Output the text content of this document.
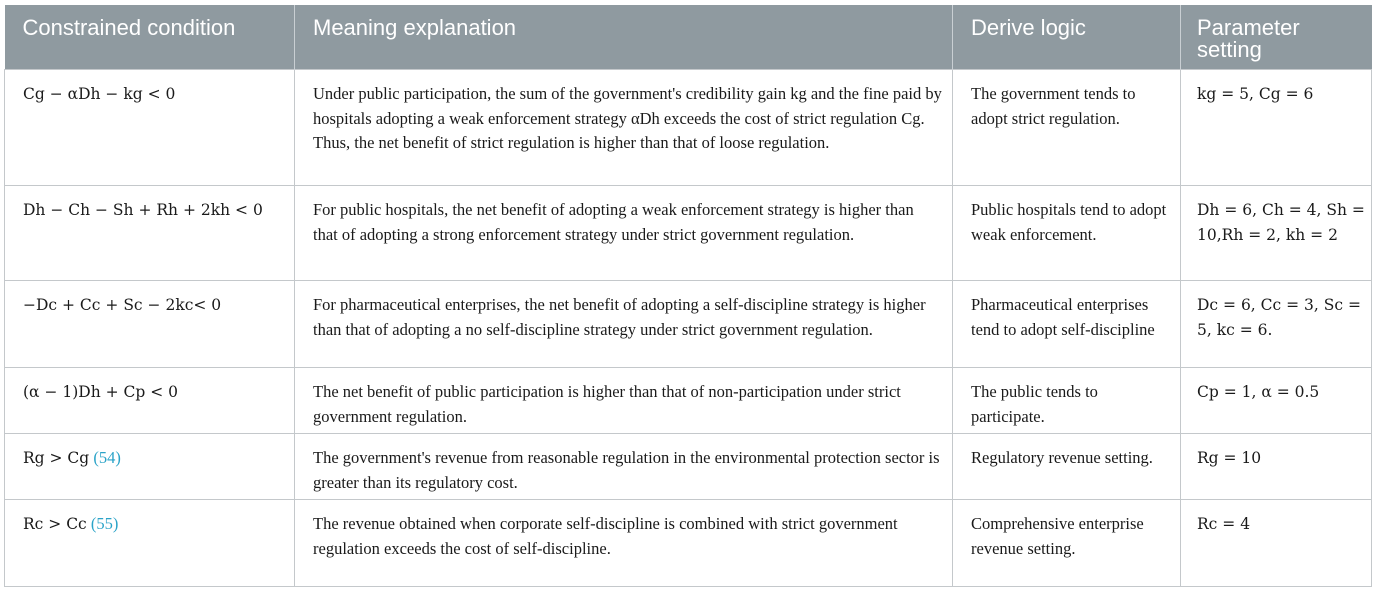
Constrained condition	Meaning explanation	Derive logic	Parameter setting
Cg − αDh − kg < 0	Under public participation, the sum of the government's credibility gain kg and the fine paid by hospitals adopting a weak enforcement strategy αDh exceeds the cost of strict regulation Cg. Thus, the net benefit of strict regulation is higher than that of loose regulation.	The government tends to adopt strict regulation.	kg = 5, Cg = 6
Dh − Ch − Sh + Rh + 2kh < 0	For public hospitals, the net benefit of adopting a weak enforcement strategy is higher than that of adopting a strong enforcement strategy under strict government regulation.	Public hospitals tend to adopt weak enforcement.	Dh = 6, Ch = 4, Sh = 10,Rh = 2, kh = 2
−Dc + Cc + Sc − 2kc< 0	For pharmaceutical enterprises, the net benefit of adopting a self-discipline strategy is higher than that of adopting a no self-discipline strategy under strict government regulation.	Pharmaceutical enterprises tend to adopt self-discipline	Dc = 6, Cc = 3, Sc = 5, kc = 6.
(α − 1)Dh + Cp < 0	The net benefit of public participation is higher than that of non-participation under strict government regulation.	The public tends to participate.	Cp = 1, α = 0.5
Rg > Cg (54)	The government's revenue from reasonable regulation in the environmental protection sector is greater than its regulatory cost.	Regulatory revenue setting.	Rg = 10
Rc > Cc (55)	The revenue obtained when corporate self-discipline is combined with strict government regulation exceeds the cost of self-discipline.	Comprehensive enterprise revenue setting.	Rc = 4
